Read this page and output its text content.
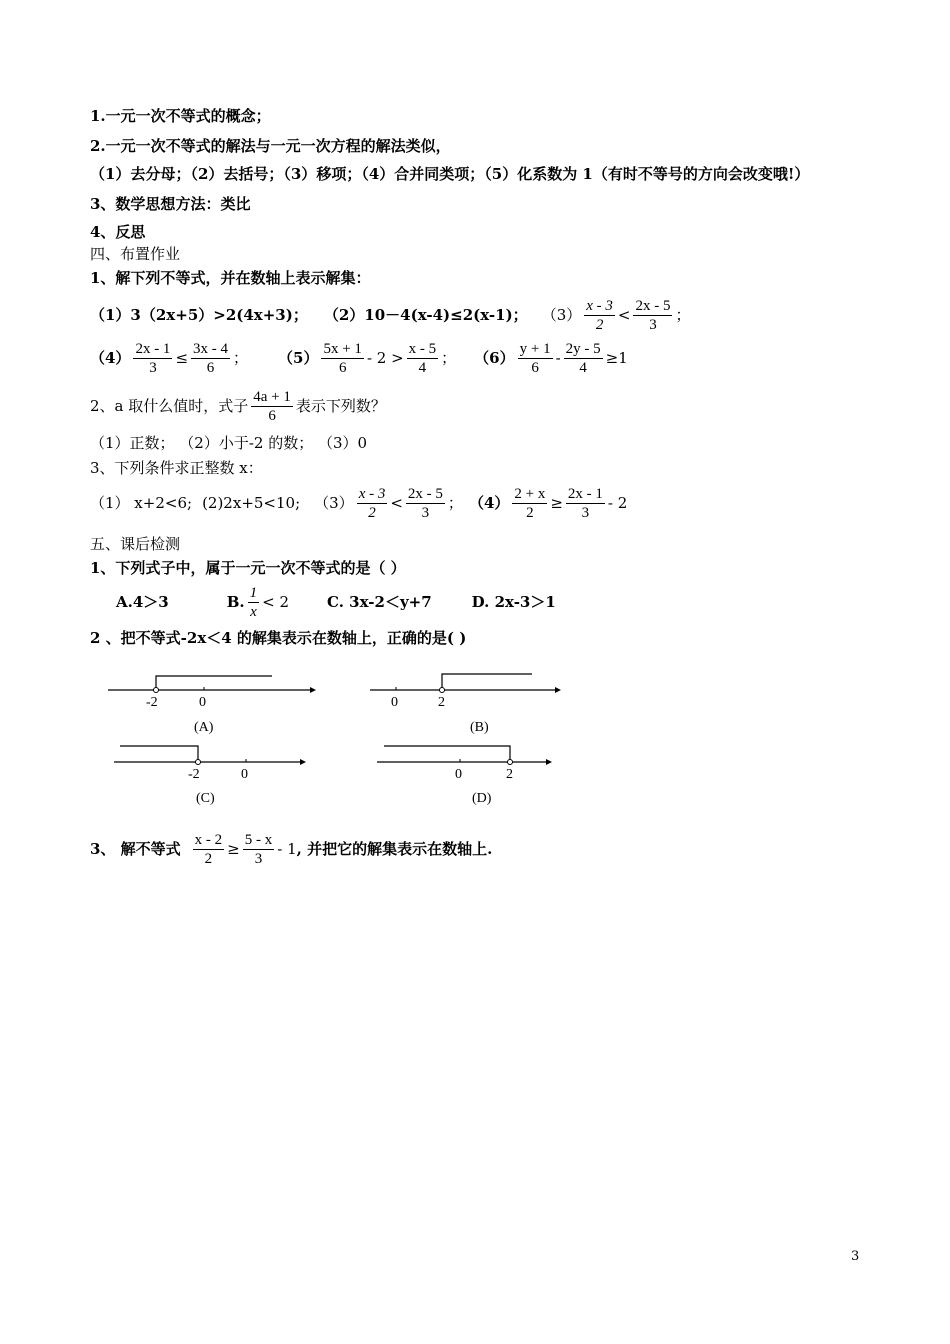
1.一元一次不等式的概念；
2.一元一次不等式的解法与一元一次方程的解法类似，
（1）去分母；（2）去括号；（3）移项；（4）合并同类项；（5）化系数为 1（有时不等号的方向会改变哦!）
3、数学思想方法：类比
4、反思
四、布置作业
1、解下列不等式，并在数轴上表示解集：
（1）3（2x+5）>2(4x+3)； （2）10－4(x-4)≤2(x-1)； $(3) \frac{x - 3}{2} < \frac{2x - 5}{3}$ ；
$(4) \frac{2x - 1}{3} \le \frac{3x - 4}{6}$ ； $(5) \frac{5x + 1}{6} - 2 > \frac{x - 5}{4}$ ； $(6) \frac{y + 1}{6} - \frac{2y - 5}{4} \ge 1$
2、a 取什么值时，式子 $\frac{4a + 1}{6}$ 表示下列数？
（1）正数； （2）小于-2 的数； （3）0
3、下列条件求正整数 x：
（1） x+2<6; (2)2x+5<10; $(3) \frac{x - 3}{2} < \frac{2x - 5}{3}$ ； $(4) \frac{2 + x}{2} \ge \frac{2x - 1}{3} - 2$
五、课后检测
1、下列式子中，属于一元一次不等式的是（ ）
A.4＞3	B. $\frac{1}{x} < 2$	C. 3x-2＜y+7	D. 2x-3＞1
2 、把不等式-2x＜4 的解集表示在数轴上，正确的是( )
-2	0
(A)
0	2
(B)
-2	0
(C)
0	2
(D)
3、 解不等式 $\frac{x - 2}{2} \ge \frac{5 - x}{3} - 1$ , 并把它的解集表示在数轴上.
3
